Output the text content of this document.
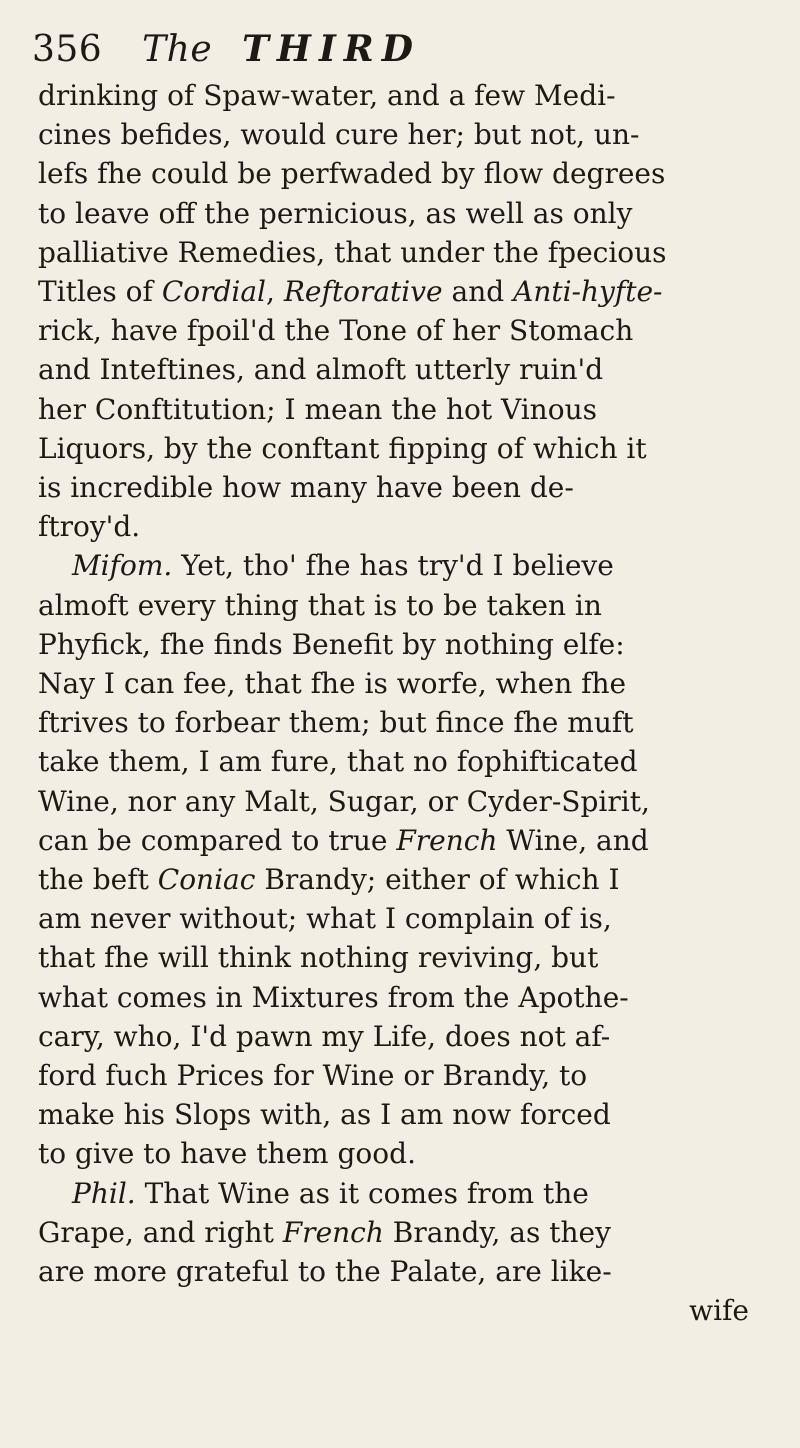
356 The THIRD
drinking of Spaw-water, and a few Medi-
cines befides, would cure her; but not, un-
lefs fhe could be perfwaded by flow degrees
to leave off the pernicious, as well as only
palliative Remedies, that under the fpecious
Titles of Cordial, Reftorative and Anti-hyfte-
rick, have fpoil'd the Tone of her Stomach
and Inteftines, and almoft utterly ruin'd
her Conftitution; I mean the hot Vinous
Liquors, by the conftant fipping of which it
is incredible how many have been de-
ftroy'd.
Mifom. Yet, tho' fhe has try'd I believe
almoft every thing that is to be taken in
Phyfick, fhe finds Benefit by nothing elfe:
Nay I can fee, that fhe is worfe, when fhe
ftrives to forbear them; but fince fhe muft
take them, I am fure, that no fophifticated
Wine, nor any Malt, Sugar, or Cyder-Spirit,
can be compared to true French Wine, and
the beft Coniac Brandy; either of which I
am never without; what I complain of is,
that fhe will think nothing reviving, but
what comes in Mixtures from the Apothe-
cary, who, I'd pawn my Life, does not af-
ford fuch Prices for Wine or Brandy, to
make his Slops with, as I am now forced
to give to have them good.
Phil. That Wine as it comes from the
Grape, and right French Brandy, as they
are more grateful to the Palate, are like-
wife
